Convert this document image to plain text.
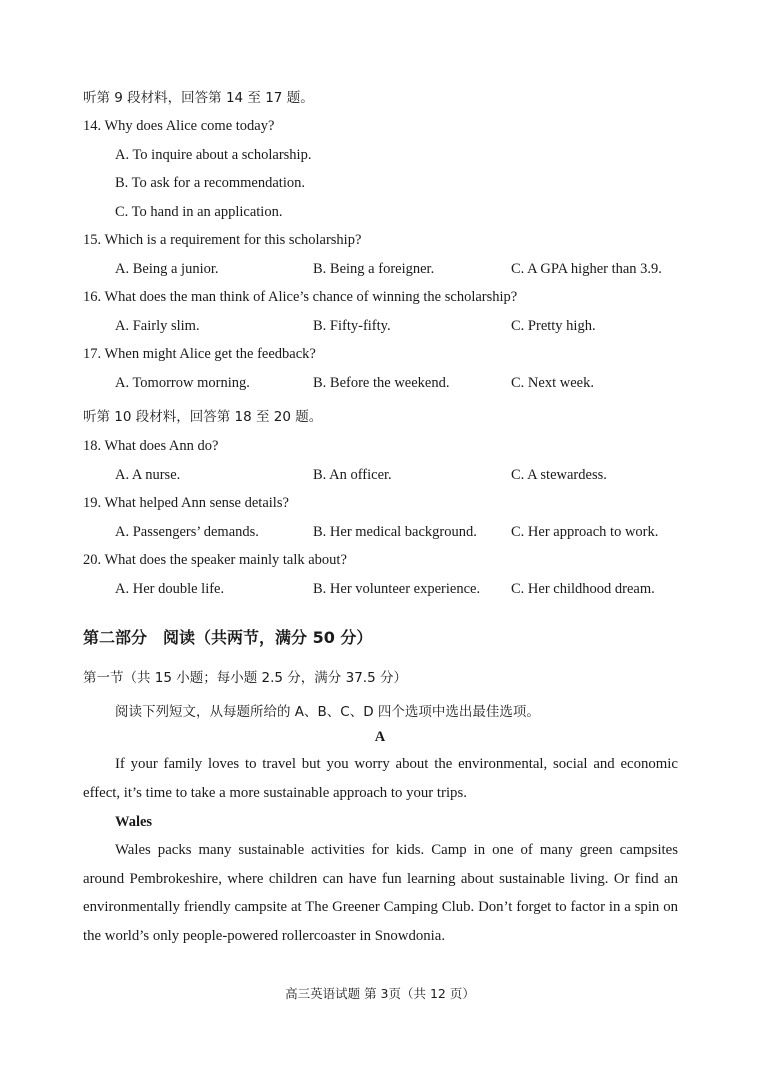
听第 9 段材料，回答第 14 至 17 题。
14. Why does Alice come today?
A. To inquire about a scholarship.
B. To ask for a recommendation.
C. To hand in an application.
15. Which is a requirement for this scholarship?
A. Being a junior.	B. Being a foreigner.	C. A GPA higher than 3.9.
16. What does the man think of Alice’s chance of winning the scholarship?
A. Fairly slim.	B. Fifty-fifty.	C. Pretty high.
17. When might Alice get the feedback?
A. Tomorrow morning.	B. Before the weekend.	C. Next week.
听第 10 段材料，回答第 18 至 20 题。
18. What does Ann do?
A. A nurse.	B. An officer.	C. A stewardess.
19. What helped Ann sense details?
A. Passengers’ demands.	B. Her medical background. C. Her approach to work.
20. What does the speaker mainly talk about?
A. Her double life.	B. Her volunteer experience. C. Her childhood dream.
第二部分　阅读（共两节，满分 50 分）
第一节（共 15 小题；每小题 2.5 分，满分 37.5 分）
阅读下列短文，从每题所给的 A、B、C、D 四个选项中选出最佳选项。
A
If your family loves to travel but you worry about the environmental, social and economic effect, it’s time to take a more sustainable approach to your trips.
Wales
Wales packs many sustainable activities for kids. Camp in one of many green campsites around Pembrokeshire, where children can have fun learning about sustainable living. Or find an environmentally friendly campsite at The Greener Camping Club. Don’t forget to factor in a spin on the world’s only people-powered rollercoaster in Snowdonia.
高三英语试题 第 3页（共 12 页）
